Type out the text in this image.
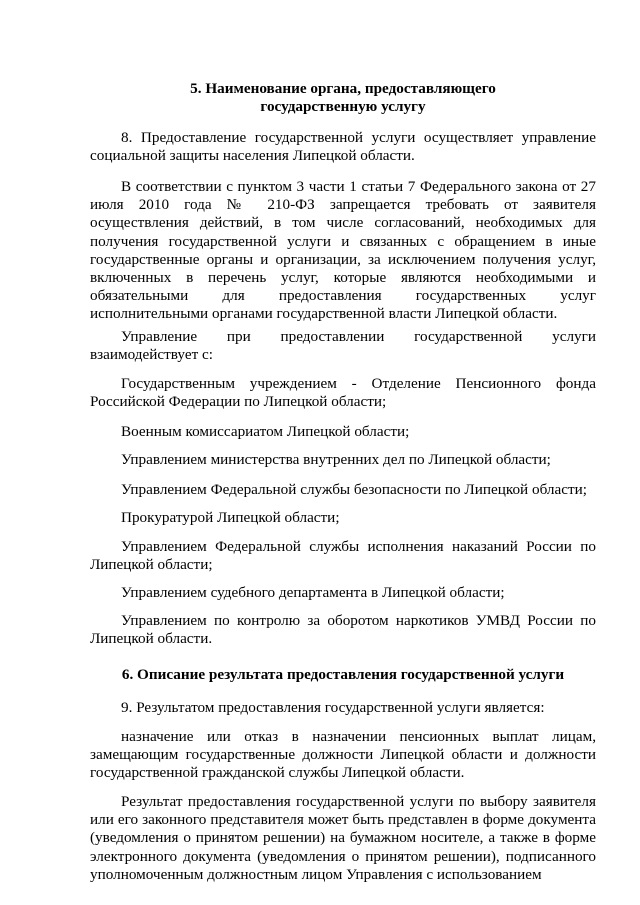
5. Наименование органа, предоставляющего

государственную услугу

8. Предоставление государственной услуги осуществляет управление социальной защиты населения Липецкой области.

В соответствии с пунктом 3 части 1 статьи 7 Федерального закона от 27 июля 2010 года № 210-ФЗ запрещается требовать от заявителя осуществления действий, в том числе согласований, необходимых для получения государственной услуги и связанных с обращением в иные государственные органы и организации, за исключением получения услуг, включенных в перечень услуг, которые являются необходимыми и обязательными для предоставления государственных услуг исполнительными органами государственной власти Липецкой области.

Управление при предоставлении государственной услуги взаимодействует с:

Государственным учреждением - Отделение Пенсионного фонда Российской Федерации по Липецкой области;

Военным комиссариатом Липецкой области;

Управлением министерства внутренних дел по Липецкой области;

Управлением Федеральной службы безопасности по Липецкой области;

Прокуратурой Липецкой области;

Управлением Федеральной службы исполнения наказаний России по Липецкой области;

Управлением судебного департамента в Липецкой области;

Управлением по контролю за оборотом наркотиков УМВД России по Липецкой области.

6. Описание результата предоставления государственной услуги

9. Результатом предоставления государственной услуги является:

назначение или отказ в назначении пенсионных выплат лицам, замещающим государственные должности Липецкой области и должности государственной гражданской службы Липецкой области.

Результат предоставления государственной услуги по выбору заявителя или его законного представителя может быть представлен в форме документа (уведомления о принятом решении) на бумажном носителе, а также в форме электронного документа (уведомления о принятом решении), подписанного уполномоченным должностным лицом Управления с использованием
